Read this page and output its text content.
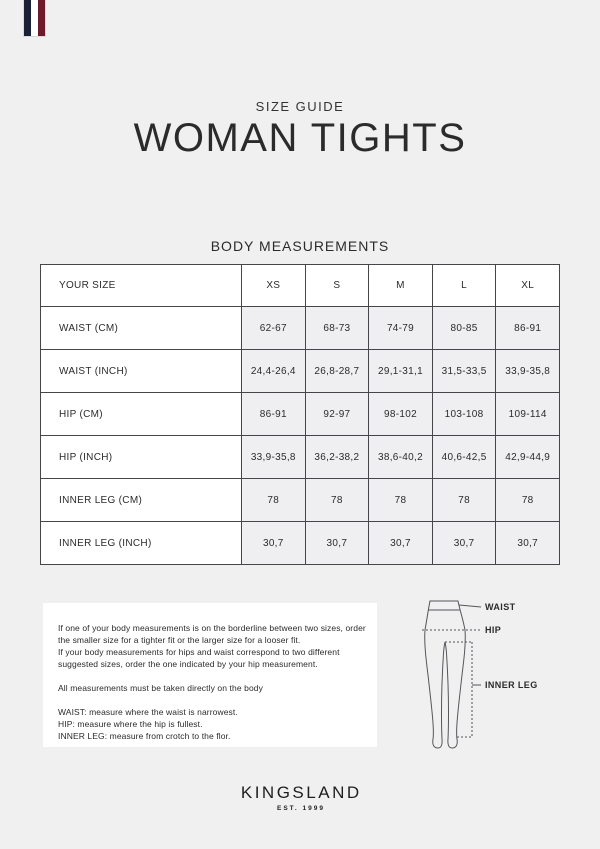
SIZE GUIDE
WOMAN TIGHTS
BODY MEASUREMENTS
YOUR SIZE	XS	S	M	L	XL
WAIST (CM)	62-67	68-73	74-79	80-85	86-91
WAIST (INCH)	24,4-26,4	26,8-28,7	29,1-31,1	31,5-33,5	33,9-35,8
HIP (CM)	86-91	92-97	98-102	103-108	109-114
HIP (INCH)	33,9-35,8	36,2-38,2	38,6-40,2	40,6-42,5	42,9-44,9
INNER LEG (CM)	78	78	78	78	78
INNER LEG (INCH)	30,7	30,7	30,7	30,7	30,7
If one of your body measurements is on the borderline between two sizes, order the smaller size for a tighter fit or the larger size for a looser fit.
If your body measurements for hips and waist correspond to two different suggested sizes, order the one indicated by your hip measurement.
All measurements must be taken directly on the body
WAIST: measure where the waist is narrowest.
HIP: measure where the hip is fullest.
INNER LEG: measure from crotch to the flor.
WAIST
HIP
INNER LEG
KINGSLAND
EST. 1999
